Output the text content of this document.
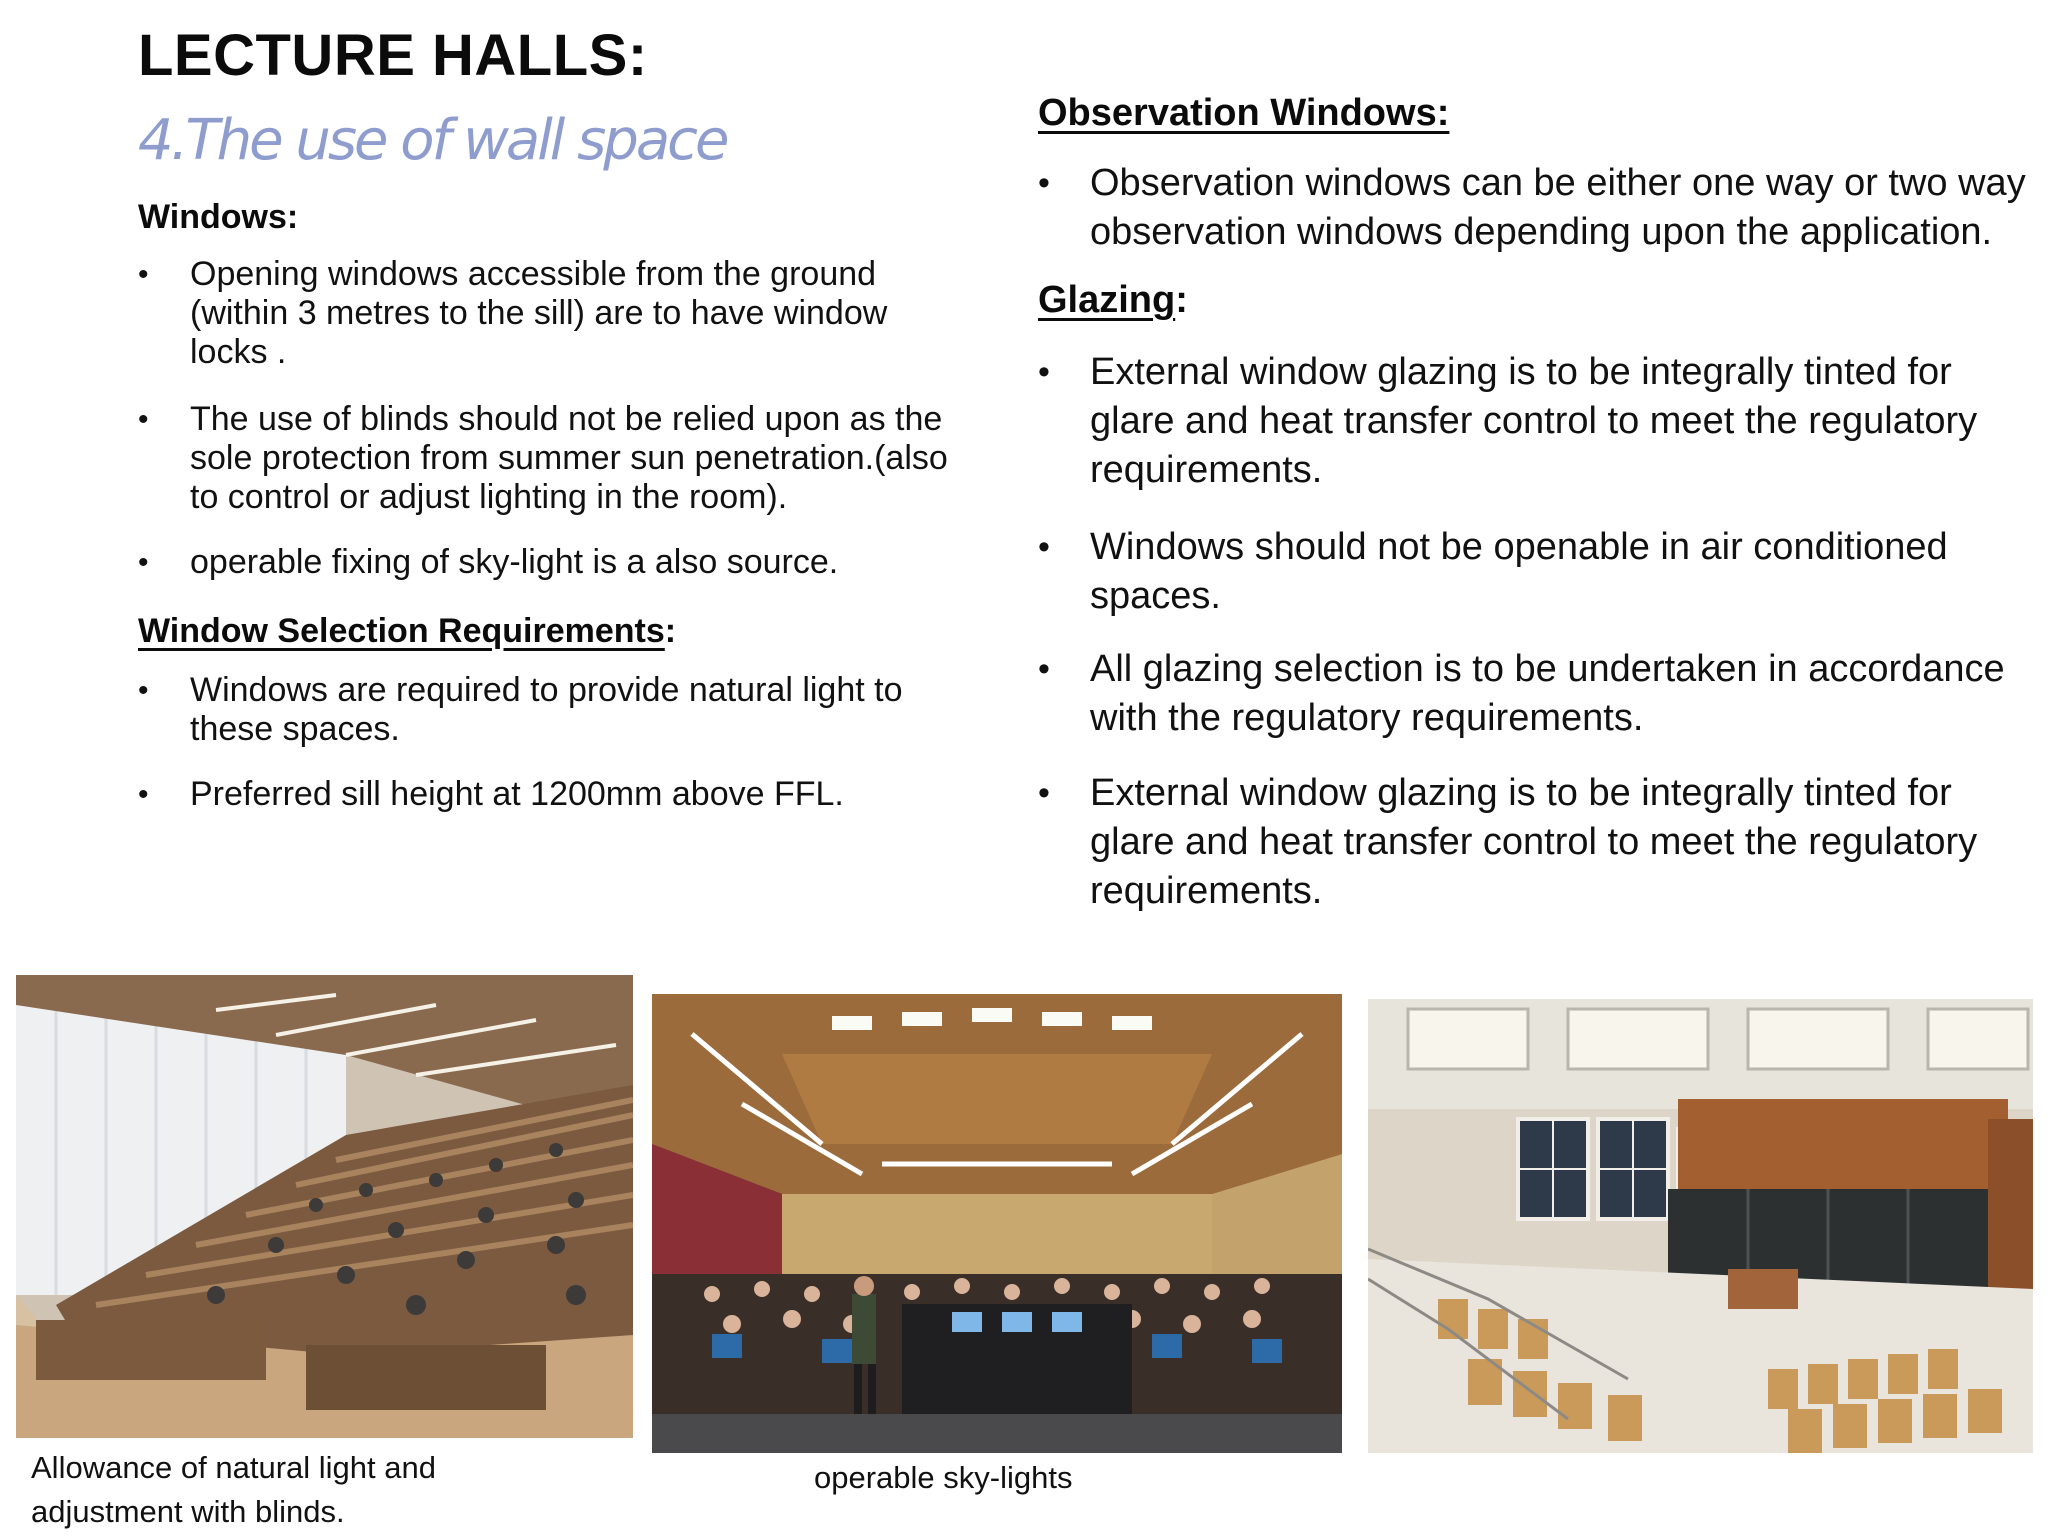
LECTURE HALLS:
4.The use of wall space

Windows:

• Opening windows accessible from the ground (within 3 metres to the sill) are to have window locks .
• The use of blinds should not be relied upon as the sole protection from summer sun penetration.(also to control or adjust lighting in the room).
• operable fixing of sky-light is a also source.

Window Selection Requirements:

• Windows are required to provide natural light to these spaces.
• Preferred sill height at 1200mm above FFL.

Observation Windows:

• Observation windows can be either one way or two way observation windows depending upon the application.

Glazing:

• External window glazing is to be integrally tinted for glare and heat transfer control to meet the regulatory requirements.
• Windows should not be openable in air conditioned spaces.
• All glazing selection is to be undertaken in accordance with the regulatory requirements.
• External window glazing is to be integrally tinted for glare and heat transfer control to meet the regulatory requirements.

Allowance of natural light and adjustment with blinds.

operable sky-lights
